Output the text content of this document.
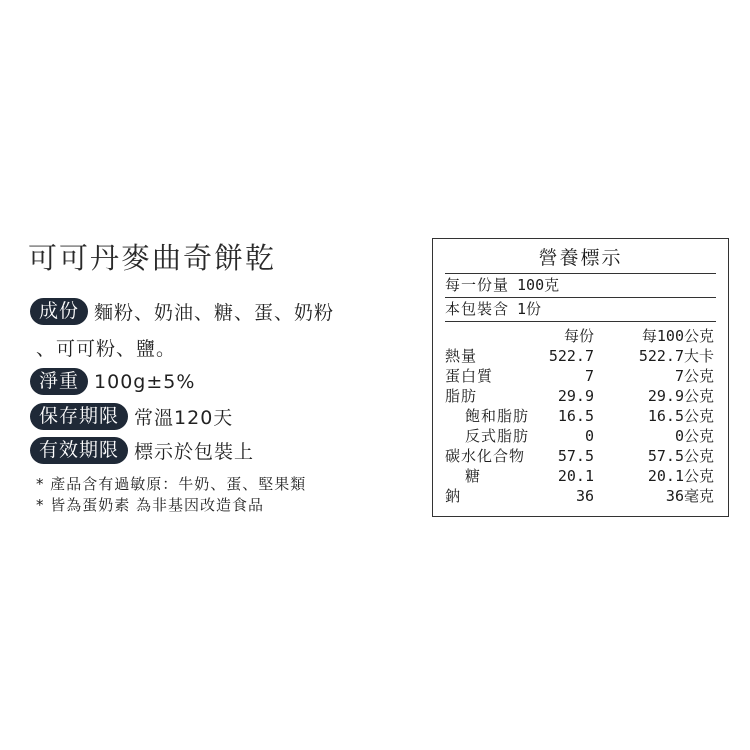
可可丹麥曲奇餅乾
成份 麵粉、奶油、糖、蛋、奶粉
、可可粉、鹽。
淨重 100g±5%
保存期限 常溫120天
有效期限 標示於包裝上
* 產品含有過敏原：牛奶、蛋、堅果類
* 皆為蛋奶素 為非基因改造食品
營養標示
每一份量 100克
本包裝含 1份
每份	每100公克
熱量	522.7	522.7大卡
蛋白質	7	7公克
脂肪	29.9	29.9公克
飽和脂肪	16.5	16.5公克
反式脂肪	0	0公克
碳水化合物	57.5	57.5公克
糖	20.1	20.1公克
鈉	36	36毫克
